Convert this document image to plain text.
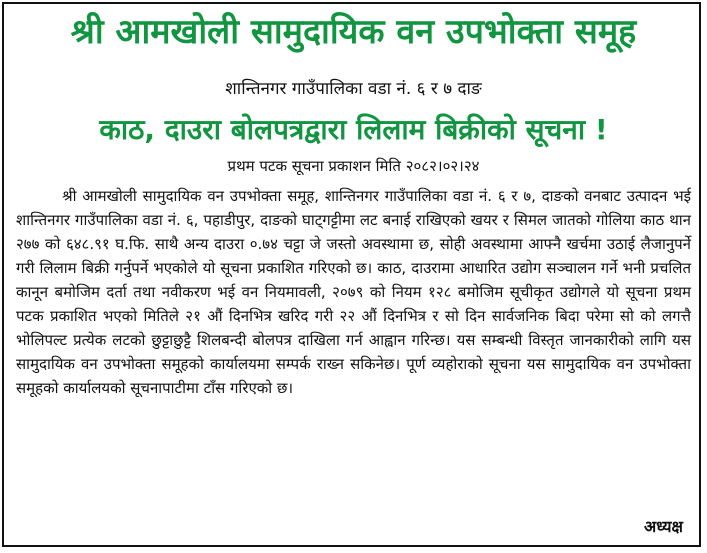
श्री आमखोली सामुदायिक वन उपभोक्ता समूह
शान्तिनगर गाउँपालिका वडा नं. ६ र ७ दाङ
काठ, दाउरा बोलपत्रद्वारा लिलाम बिक्रीको सूचना !
प्रथम पटक सूचना प्रकाशन मिति २०८२।०२।२४

श्री आमखोली सामुदायिक वन उपभोक्ता समूह, शान्तिनगर गाउँपालिका वडा नं. ६ र ७, दाङको वनबाट उत्पादन भई शान्तिनगर गाउँपालिका वडा नं. ६, पहाडीपुर, दाङको घाट्गट्टीमा लट बनाई राखिएको खयर र सिमल जातको गोलिया काठ थान २७७ को ६४८.९१ घ.फि. साथै अन्य दाउरा ०.७४ चट्टा जे जस्तो अवस्थामा छ, सोही अवस्थामा आफ्नै खर्चमा उठाई लैजानुपर्ने गरी लिलाम बिक्री गर्नुपर्ने भएकोले यो सूचना प्रकाशित गरिएको छ। काठ, दाउरामा आधारित उद्योग सञ्चालन गर्ने भनी प्रचलित कानून बमोजिम दर्ता तथा नवीकरण भई वन नियमावली, २०७९ को नियम १२८ बमोजिम सूचीकृत उद्योगले यो सूचना प्रथम पटक प्रकाशित भएको मितिले २१ औं दिनभित्र खरिद गरी २२ औं दिनभित्र र सो दिन सार्वजनिक बिदा परेमा सो को लगत्तै भोलिपल्ट प्रत्येक लटको छुट्टाछुट्टै शिलबन्दी बोलपत्र दाखिला गर्न आह्वान गरिन्छ। यस सम्बन्धी विस्तृत जानकारीको लागि यस सामुदायिक वन उपभोक्ता समूहको कार्यालयमा सम्पर्क राख्न सकिनेछ। पूर्ण व्यहोराको सूचना यस सामुदायिक वन उपभोक्ता समूहको कार्यालयको सूचनापाटीमा टाँस गरिएको छ।

अध्यक्ष
